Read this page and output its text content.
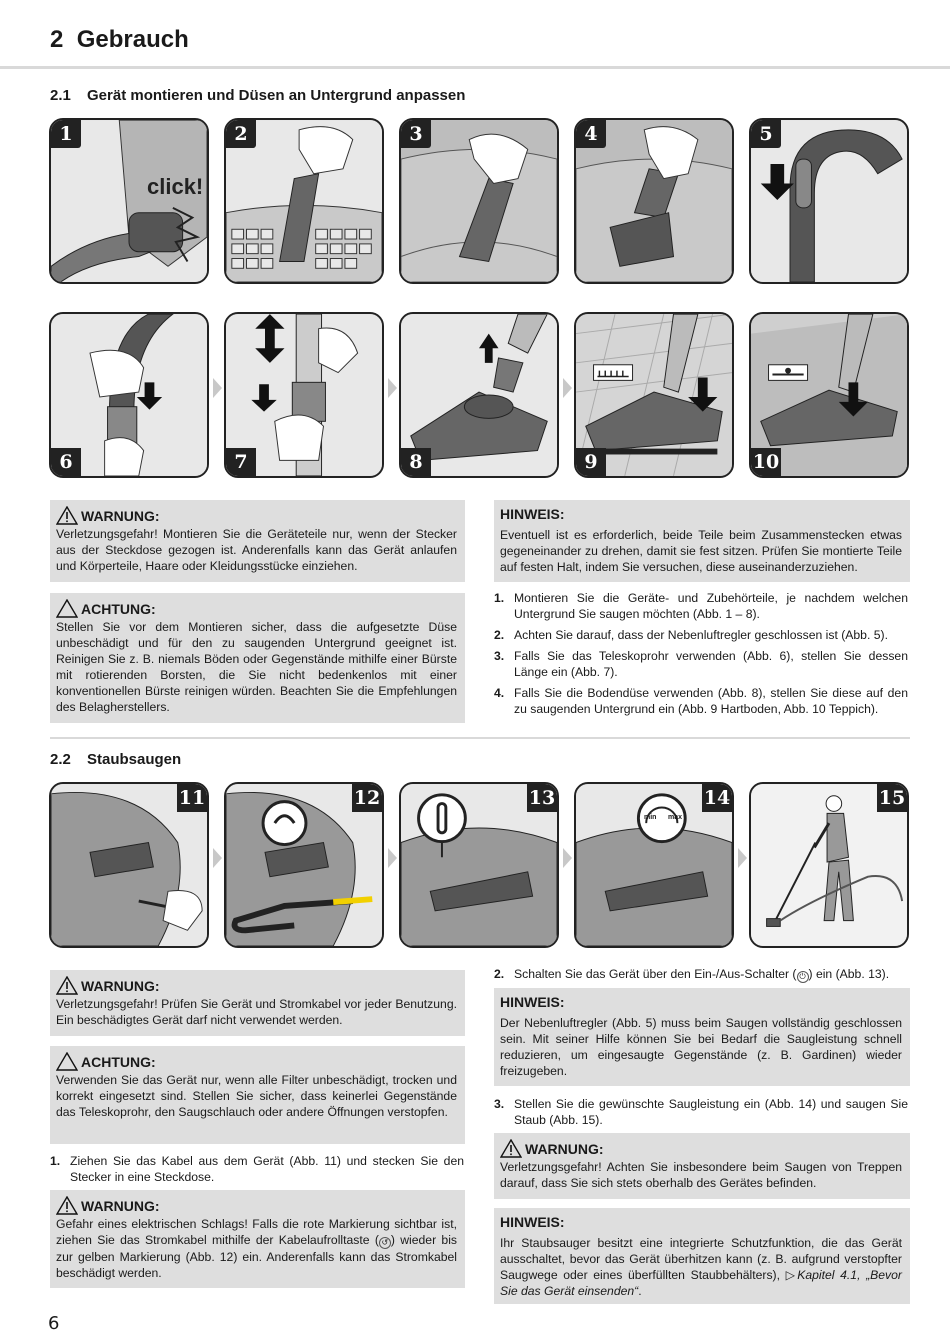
2 Gebrauch
2.1 Gerät montieren und Düsen an Untergrund anpassen
1
click!
2	3	4	5
6	7	8	9	10
WARNUNG:
Verletzungsgefahr! Montieren Sie die Geräteteile nur, wenn der Stecker aus der Steckdose gezogen ist. Anderenfalls kann das Gerät anlaufen und Körperteile, Haare oder Kleidungsstücke einziehen.
ACHTUNG:
Stellen Sie vor dem Montieren sicher, dass die aufgesetzte Düse unbeschädigt und für den zu saugenden Untergrund geeignet ist. Reinigen Sie z. B. niemals Böden oder Gegenstände mithilfe einer Bürste mit rotierenden Borsten, die Sie nicht bedenkenlos mit einer konventionellen Bürste reinigen würden. Beachten Sie die Empfehlungen des Belagherstellers.
HINWEIS:
Eventuell ist es erforderlich, beide Teile beim Zusammenstecken etwas gegeneinander zu drehen, damit sie fest sitzen. Prüfen Sie montierte Teile auf festen Halt, indem Sie versuchen, diese auseinanderzuziehen.
1. Montieren Sie die Geräte- und Zubehörteile, je nachdem welchen Untergrund Sie saugen möchten (Abb. 1 – 8).
2. Achten Sie darauf, dass der Nebenluftregler geschlossen ist (Abb. 5).
3. Falls Sie das Teleskoprohr verwenden (Abb. 6), stellen Sie dessen Länge ein (Abb. 7).
4. Falls Sie die Bodendüse verwenden (Abb. 8), stellen Sie diese auf den zu saugenden Untergrund ein (Abb. 9 Hartboden, Abb. 10 Teppich).
2.2 Staubsaugen
11	12	13
min max
14	15
WARNUNG:
Verletzungsgefahr! Prüfen Sie Gerät und Stromkabel vor jeder Benutzung. Ein beschädigtes Gerät darf nicht verwendet werden.
ACHTUNG:
Verwenden Sie das Gerät nur, wenn alle Filter unbeschädigt, trocken und korrekt eingesetzt sind. Stellen Sie sicher, dass keinerlei Gegenstände das Teleskoprohr, den Saugschlauch oder andere Öffnungen verstopfen.
1. Ziehen Sie das Kabel aus dem Gerät (Abb. 11) und stecken Sie den Stecker in eine Steckdose.
WARNUNG:
Gefahr eines elektrischen Schlags! Falls die rote Markierung sichtbar ist, ziehen Sie das Stromkabel mithilfe der Kabelaufrolltaste ( ↺ ) wieder bis zur gelben Markierung (Abb. 12) ein. Anderenfalls kann das Stromkabel beschädigt werden.
2. Schalten Sie das Gerät über den Ein-/Aus-Schalter ( ⏻ ) ein (Abb. 13).
HINWEIS:
Der Nebenluftregler (Abb. 5) muss beim Saugen vollständig geschlossen sein. Mit seiner Hilfe können Sie bei Bedarf die Saugleistung schnell reduzieren, um eingesaugte Gegenstände (z. B. Gardinen) wieder freizugeben.
3. Stellen Sie die gewünschte Saugleistung ein (Abb. 14) und saugen Sie Staub (Abb. 15).
WARNUNG:
Verletzungsgefahr! Achten Sie insbesondere beim Saugen von Treppen darauf, dass Sie sich stets oberhalb des Gerätes befinden.
HINWEIS:
Ihr Staubsauger besitzt eine integrierte Schutzfunktion, die das Gerät ausschaltet, bevor das Gerät überhitzen kann (z. B. aufgrund verstopfter Saugwege oder eines überfüllten Staubbehälters), ▷Kapitel 4.1, „Bevor Sie das Gerät einsenden“.
6
